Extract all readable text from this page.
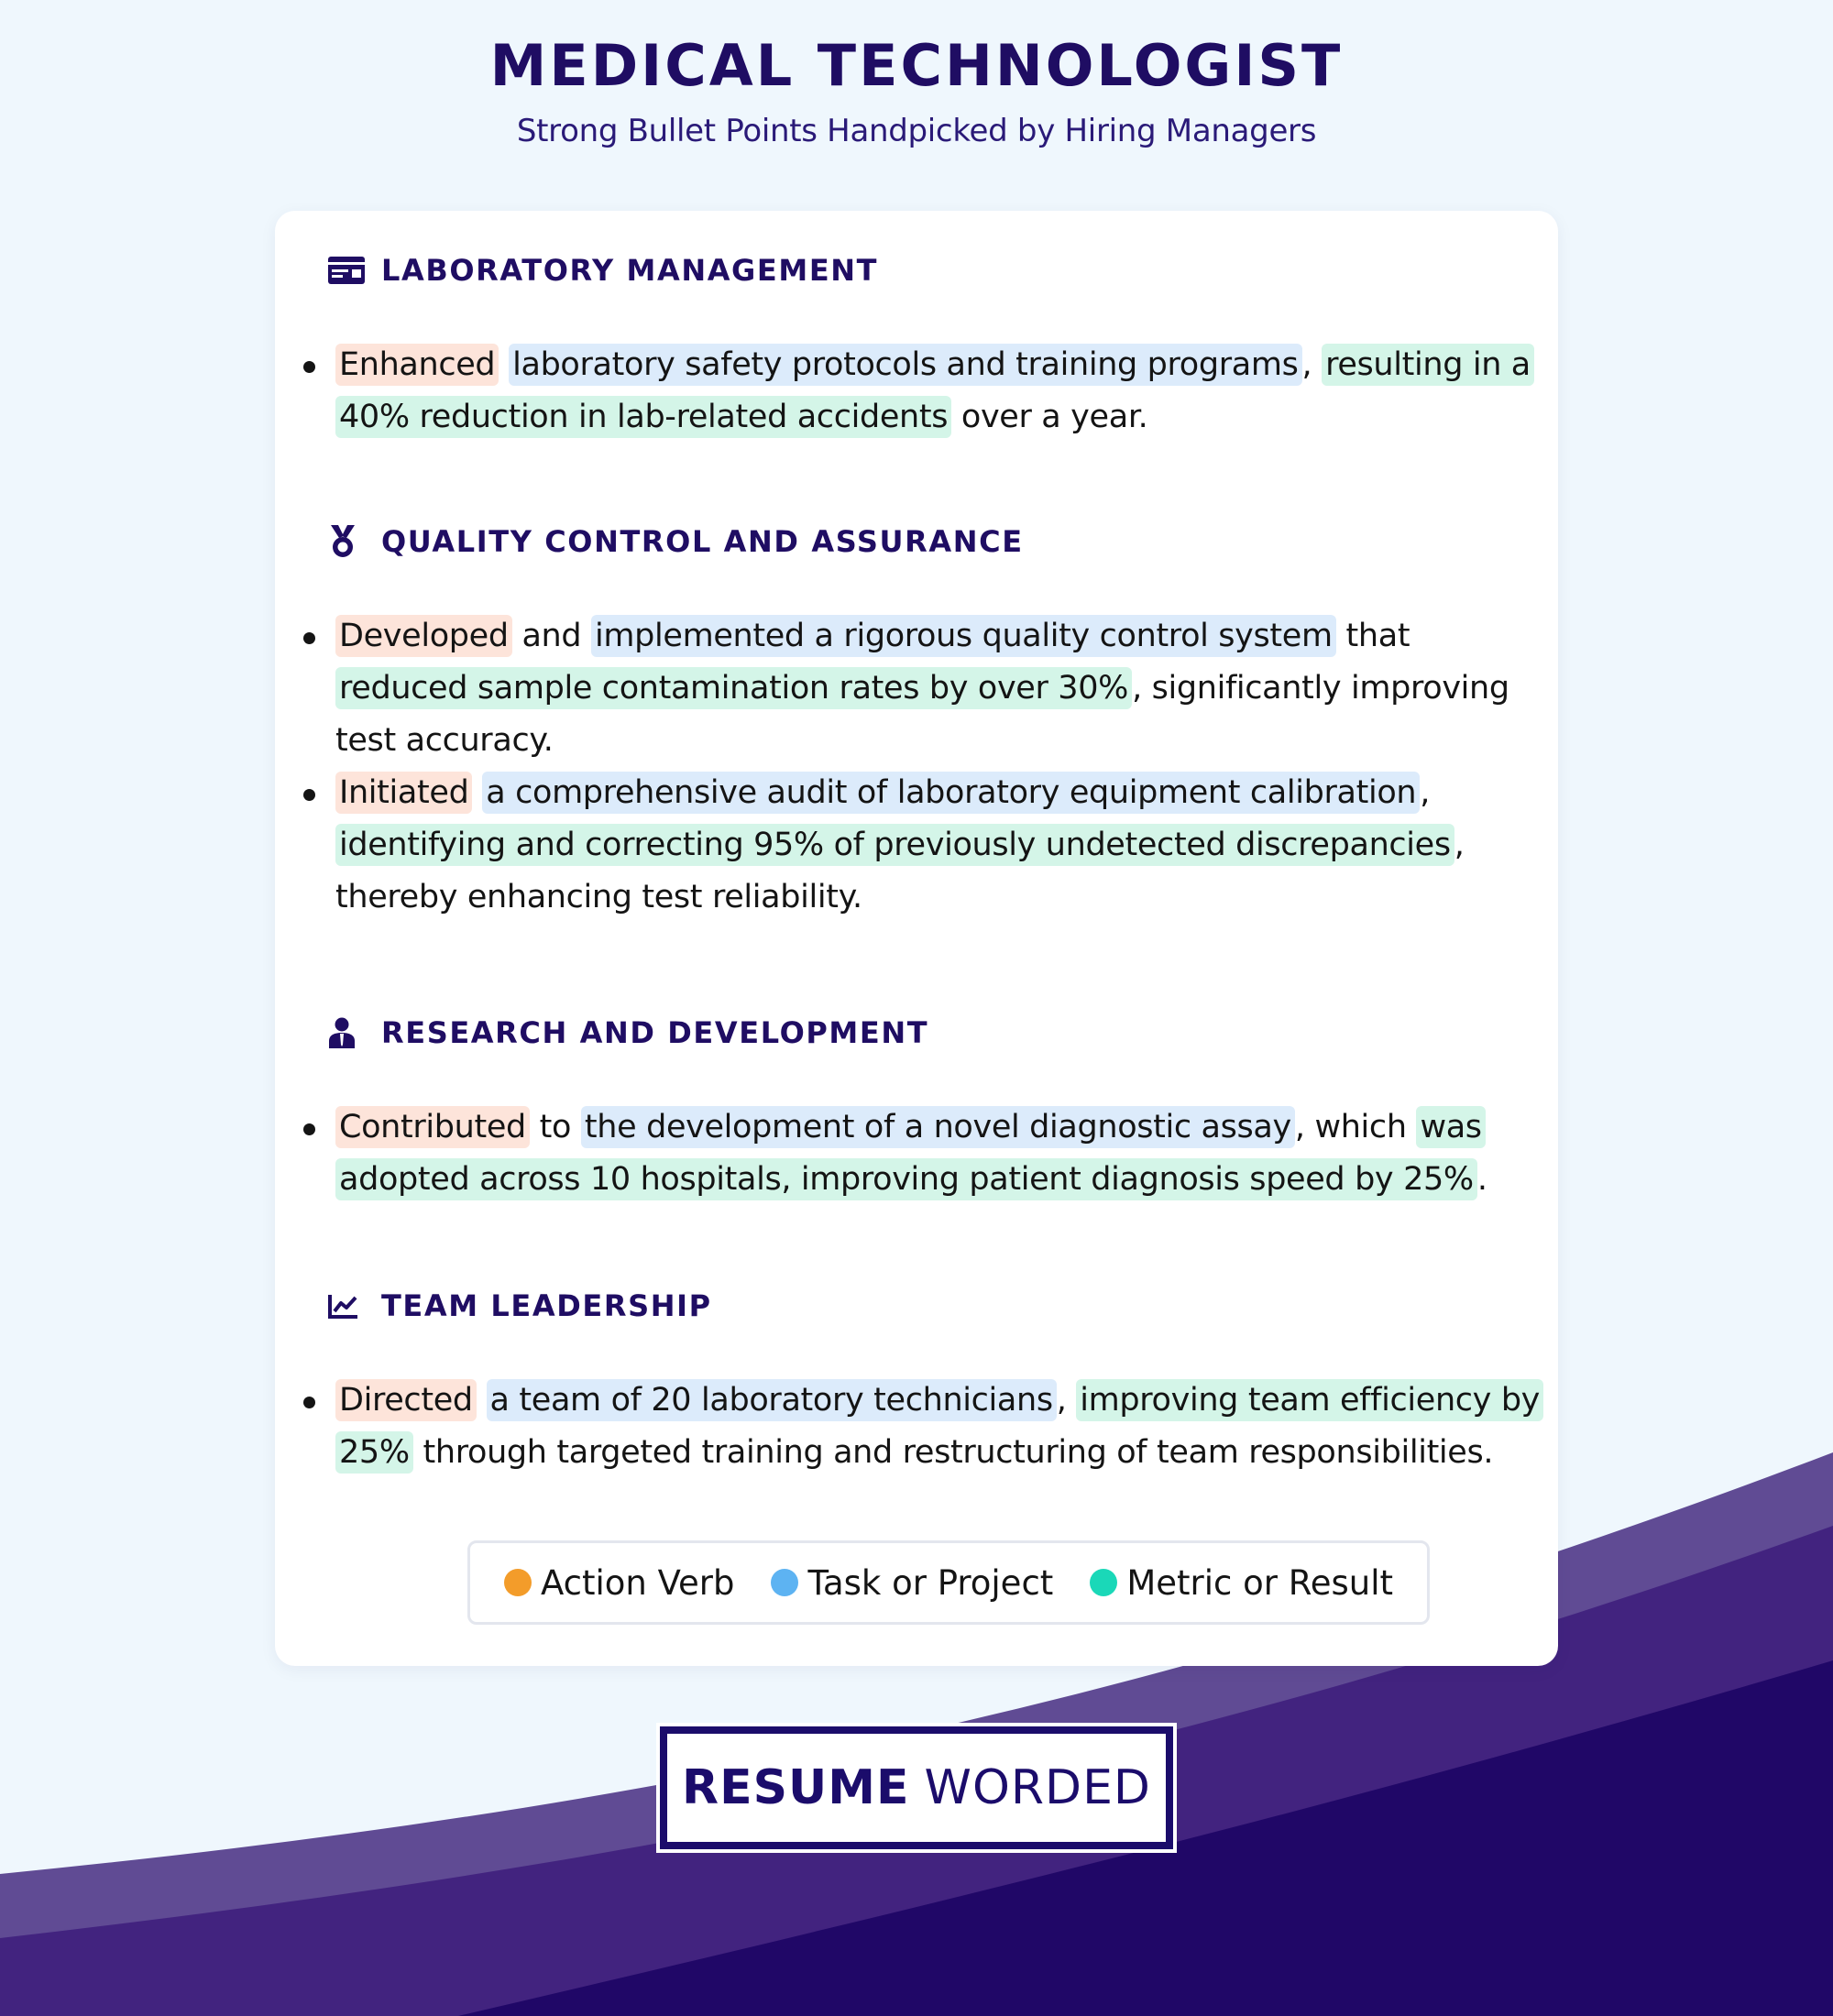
MEDICAL TECHNOLOGIST
Strong Bullet Points Handpicked by Hiring Managers
LABORATORY MANAGEMENT
Enhanced laboratory safety protocols and training programs , resulting in a 40% reduction in lab-related accidents over a year.
QUALITY CONTROL AND ASSURANCE
Developed and implemented a rigorous quality control system that reduced sample contamination rates by over 30% , significantly improving test accuracy.
Initiated a comprehensive audit of laboratory equipment calibration , identifying and correcting 95% of previously undetected discrepancies , thereby enhancing test reliability.
RESEARCH AND DEVELOPMENT
Contributed to the development of a novel diagnostic assay , which was adopted across 10 hospitals, improving patient diagnosis speed by 25% .
TEAM LEADERSHIP
Directed a team of 20 laboratory technicians , improving team efficiency by 25% through targeted training and restructuring of team responsibilities.
Action Verb Task or Project Metric or Result
RESUME WORDED
